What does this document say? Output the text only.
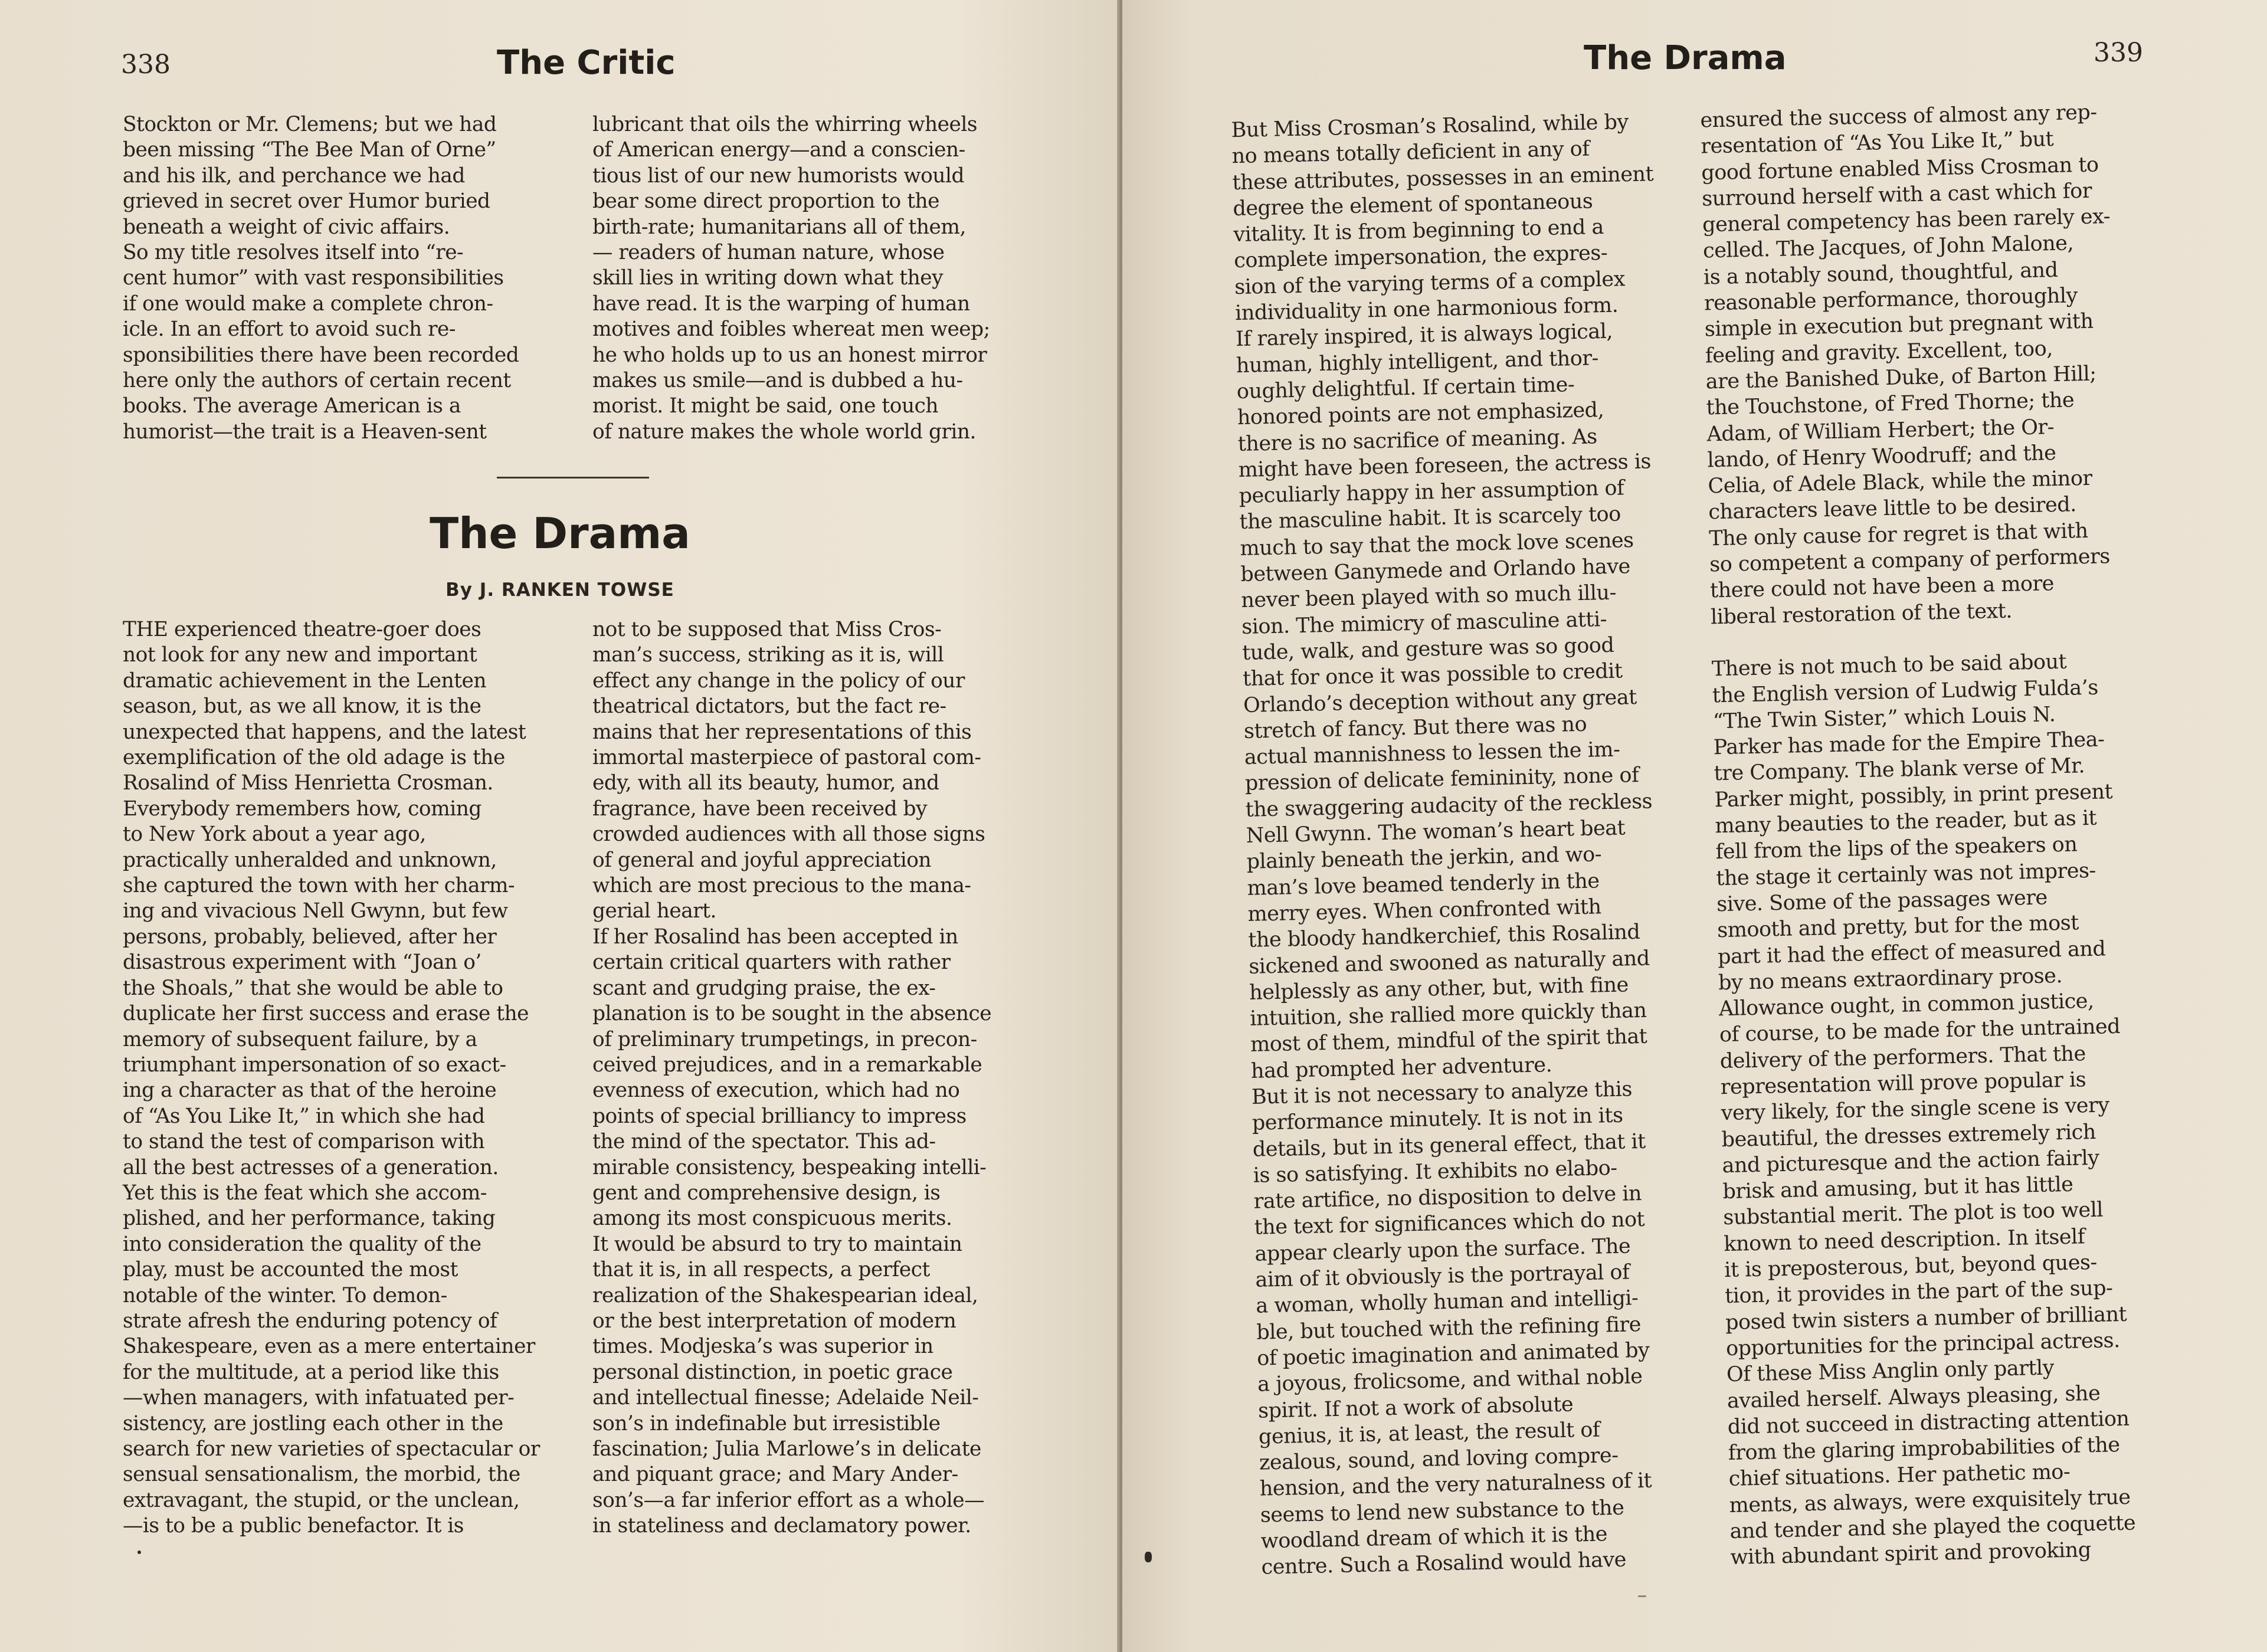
338	The Critic

Stockton or Mr. Clemens; but we had
been missing “The Bee Man of Orne”
and his ilk, and perchance we had
grieved in secret over Humor buried
beneath a weight of civic affairs.
So my title resolves itself into “re-
cent humor” with vast responsibilities
if one would make a complete chron-
icle. In an effort to avoid such re-
sponsibilities there have been recorded
here only the authors of certain recent
books. The average American is a
humorist—the trait is a Heaven-sent

lubricant that oils the whirring wheels
of American energy—and a conscien-
tious list of our new humorists would
bear some direct proportion to the
birth-rate; humanitarians all of them,
— readers of human nature, whose
skill lies in writing down what they
have read. It is the warping of human
motives and foibles whereat men weep;
he who holds up to us an honest mirror
makes us smile—and is dubbed a hu-
morist. It might be said, one touch
of nature makes the whole world grin.

The Drama
By J. RANKEN TOWSE

THE experienced theatre-goer does
not look for any new and important
dramatic achievement in the Lenten
season, but, as we all know, it is the
unexpected that happens, and the latest
exemplification of the old adage is the
Rosalind of Miss Henrietta Crosman.
Everybody remembers how, coming
to New York about a year ago,
practically unheralded and unknown,
she captured the town with her charm-
ing and vivacious Nell Gwynn, but few
persons, probably, believed, after her
disastrous experiment with “Joan o’
the Shoals,” that she would be able to
duplicate her first success and erase the
memory of subsequent failure, by a
triumphant impersonation of so exact-
ing a character as that of the heroine
of “As You Like It,” in which she had
to stand the test of comparison with
all the best actresses of a generation.
Yet this is the feat which she accom-
plished, and her performance, taking
into consideration the quality of the
play, must be accounted the most
notable of the winter. To demon-
strate afresh the enduring potency of
Shakespeare, even as a mere entertainer
for the multitude, at a period like this
—when managers, with infatuated per-
sistency, are jostling each other in the
search for new varieties of spectacular or
sensual sensationalism, the morbid, the
extravagant, the stupid, or the unclean,
—is to be a public benefactor. It is

not to be supposed that Miss Cros-
man’s success, striking as it is, will
effect any change in the policy of our
theatrical dictators, but the fact re-
mains that her representations of this
immortal masterpiece of pastoral com-
edy, with all its beauty, humor, and
fragrance, have been received by
crowded audiences with all those signs
of general and joyful appreciation
which are most precious to the mana-
gerial heart.
If her Rosalind has been accepted in
certain critical quarters with rather
scant and grudging praise, the ex-
planation is to be sought in the absence
of preliminary trumpetings, in precon-
ceived prejudices, and in a remarkable
evenness of execution, which had no
points of special brilliancy to impress
the mind of the spectator. This ad-
mirable consistency, bespeaking intelli-
gent and comprehensive design, is
among its most conspicuous merits.
It would be absurd to try to maintain
that it is, in all respects, a perfect
realization of the Shakespearian ideal,
or the best interpretation of modern
times. Modjeska’s was superior in
personal distinction, in poetic grace
and intellectual finesse; Adelaide Neil-
son’s in indefinable but irresistible
fascination; Julia Marlowe’s in delicate
and piquant grace; and Mary Ander-
son’s—a far inferior effort as a whole—
in stateliness and declamatory power.

339
The Drama

But Miss Crosman’s Rosalind, while by
no means totally deficient in any of
these attributes, possesses in an eminent
degree the element of spontaneous
vitality. It is from beginning to end a
complete impersonation, the expres-
sion of the varying terms of a complex
individuality in one harmonious form.
If rarely inspired, it is always logical,
human, highly intelligent, and thor-
oughly delightful. If certain time-
honored points are not emphasized,
there is no sacrifice of meaning. As
might have been foreseen, the actress is
peculiarly happy in her assumption of
the masculine habit. It is scarcely too
much to say that the mock love scenes
between Ganymede and Orlando have
never been played with so much illu-
sion. The mimicry of masculine atti-
tude, walk, and gesture was so good
that for once it was possible to credit
Orlando’s deception without any great
stretch of fancy. But there was no
actual mannishness to lessen the im-
pression of delicate femininity, none of
the swaggering audacity of the reckless
Nell Gwynn. The woman’s heart beat
plainly beneath the jerkin, and wo-
man’s love beamed tenderly in the
merry eyes. When confronted with
the bloody handkerchief, this Rosalind
sickened and swooned as naturally and
helplessly as any other, but, with fine
intuition, she rallied more quickly than
most of them, mindful of the spirit that
had prompted her adventure.
But it is not necessary to analyze this
performance minutely. It is not in its
details, but in its general effect, that it
is so satisfying. It exhibits no elabo-
rate artifice, no disposition to delve in
the text for significances which do not
appear clearly upon the surface. The
aim of it obviously is the portrayal of
a woman, wholly human and intelligi-
ble, but touched with the refining fire
of poetic imagination and animated by
a joyous, frolicsome, and withal noble
spirit. If not a work of absolute
genius, it is, at least, the result of
zealous, sound, and loving compre-
hension, and the very naturalness of it
seems to lend new substance to the
woodland dream of which it is the
centre. Such a Rosalind would have

ensured the success of almost any rep-
resentation of “As You Like It,” but
good fortune enabled Miss Crosman to
surround herself with a cast which for
general competency has been rarely ex-
celled. The Jacques, of John Malone,
is a notably sound, thoughtful, and
reasonable performance, thoroughly
simple in execution but pregnant with
feeling and gravity. Excellent, too,
are the Banished Duke, of Barton Hill;
the Touchstone, of Fred Thorne; the
Adam, of William Herbert; the Or-
lando, of Henry Woodruff; and the
Celia, of Adele Black, while the minor
characters leave little to be desired.
The only cause for regret is that with
so competent a company of performers
there could not have been a more
liberal restoration of the text.

There is not much to be said about
the English version of Ludwig Fulda’s
“The Twin Sister,” which Louis N.
Parker has made for the Empire Thea-
tre Company. The blank verse of Mr.
Parker might, possibly, in print present
many beauties to the reader, but as it
fell from the lips of the speakers on
the stage it certainly was not impres-
sive. Some of the passages were
smooth and pretty, but for the most
part it had the effect of measured and
by no means extraordinary prose.
Allowance ought, in common justice,
of course, to be made for the untrained
delivery of the performers. That the
representation will prove popular is
very likely, for the single scene is very
beautiful, the dresses extremely rich
and picturesque and the action fairly
brisk and amusing, but it has little
substantial merit. The plot is too well
known to need description. In itself
it is preposterous, but, beyond ques-
tion, it provides in the part of the sup-
posed twin sisters a number of brilliant
opportunities for the principal actress.
Of these Miss Anglin only partly
availed herself. Always pleasing, she
did not succeed in distracting attention
from the glaring improbabilities of the
chief situations. Her pathetic mo-
ments, as always, were exquisitely true
and tender and she played the coquette
with abundant spirit and provoking
